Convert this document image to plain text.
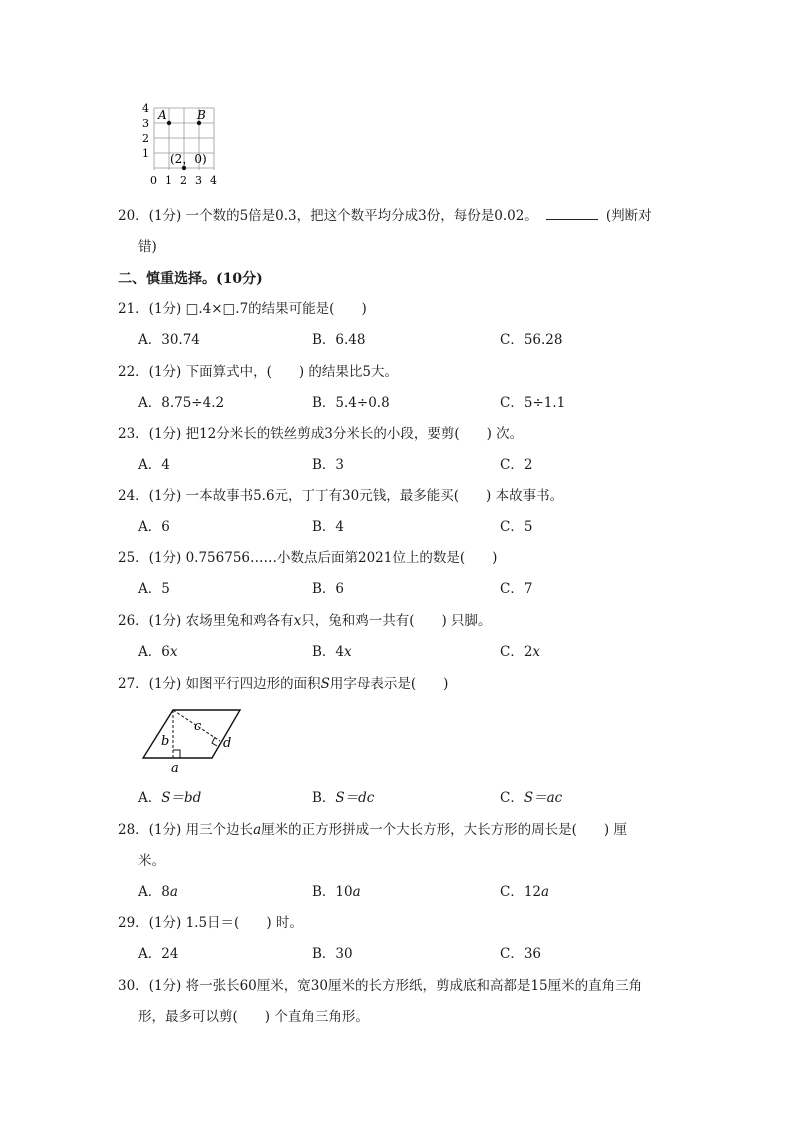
4
3
2
1
0 1 2 3 4
A	B
(2，0)
20．(1分) 一个数的5倍是0.3，把这个数平均分成3份，每份是0.02。	(判断对
错)
二、慎重选择。(10分)
21．(1分) □.4×□.7的结果可能是(　　)
A．30.74	B．6.48	C．56.28
22．(1分) 下面算式中，(　　) 的结果比5大。
A．8.75÷4.2	B．5.4÷0.8	C．5÷1.1
23．(1分) 把12分米长的铁丝剪成3分米长的小段，要剪(　　) 次。
A．4	B．3	C．2
24．(1分) 一本故事书5.6元，丁丁有30元钱，最多能买(　　) 本故事书。
A．6	B．4	C．5
25．(1分) 0.756756……小数点后面第2021位上的数是(　　)
A．5	B．6	C．7
26．(1分) 农场里兔和鸡各有x只，兔和鸡一共有(　　) 只脚。
A．6x	B．4x	C．2x
27．(1分) 如图平行四边形的面积S用字母表示是(　　)
b
c
d
a
A．S＝bd	B．S＝dc	C．S＝ac
28．(1分) 用三个边长a厘米的正方形拼成一个大长方形，大长方形的周长是(　　) 厘
米。
A．8a	B．10a	C．12a
29．(1分) 1.5日＝(　　) 时。
A．24	B．30	C．36
30．(1分) 将一张长60厘米，宽30厘米的长方形纸，剪成底和高都是15厘米的直角三角
形，最多可以剪(　　) 个直角三角形。
